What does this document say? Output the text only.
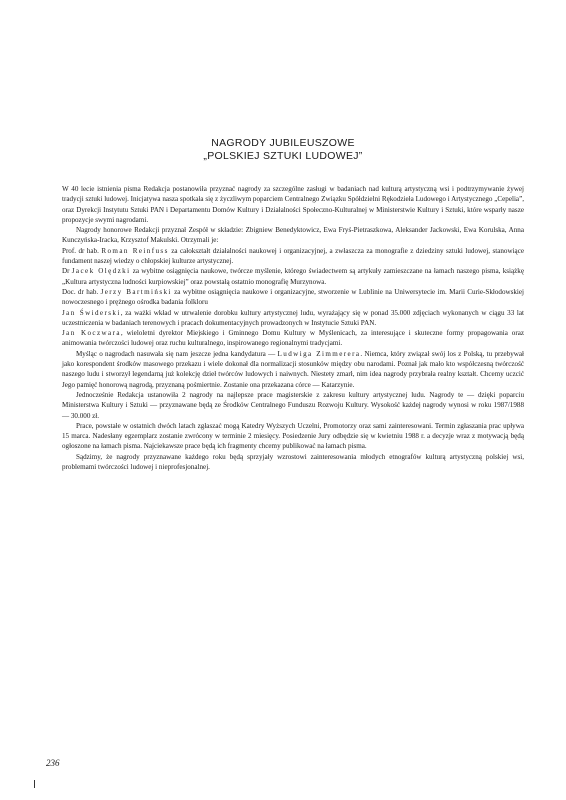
NAGRODY JUBILEUSZOWE
„POLSKIEJ SZTUKI LUDOWEJ”

W 40 lecie istnienia pisma Redakcja postanowiła przyznać nagrody za szczególne zasługi w badaniach nad kulturą artystyczną wsi i podtrzymywanie żywej tradycji sztuki ludowej. Inicjatywa nasza spotkała się z życzliwym poparciem Centralnego Związku Spółdzielni Rękodzieła Ludowego i Artystycznego „Cepelia”, oraz Dyrekcji Instytutu Sztuki PAN i Departamentu Domów Kultury i Działalności Społeczno-Kulturalnej w Ministerstwie Kultury i Sztuki, które wsparły nasze propozycje swymi nagrodami.

Nagrody honorowe Redakcji przyznał Zespół w składzie: Zbigniew Benedyktowicz, Ewa Fryś-Pietraszkowa, Aleksander Jackowski, Ewa Korulska, Anna Kunczyńska-Iracka, Krzysztof Makulski. Otrzymali je:

Prof. dr hab. Roman Reinfuss za całokształt działalności naukowej i organizacyjnej, a zwłaszcza za monografie z dziedziny sztuki ludowej, stanowiące fundament naszej wiedzy o chłopskiej kulturze artystycznej.

Dr Jacek Olędzki za wybitne osiągnięcia naukowe, twórcze myślenie, którego świadectwem są artykuły zamieszczane na łamach naszego pisma, książkę „Kultura artystyczna ludności kurpiowskiej” oraz powstałą ostatnio monografię Murzynowa.

Doc. dr hab. Jerzy Bartmiński za wybitne osiągnięcia naukowe i organizacyjne, stworzenie w Lublinie na Uniwersytecie im. Marii Curie-Skłodowskiej nowoczesnego i prężnego ośrodka badania folkloru

Jan Świderski, za ważki wkład w utrwalenie dorobku kultury artystycznej ludu, wyrażający się w ponad 35.000 zdjęciach wykonanych w ciągu 33 lat uczestniczenia w badaniach terenowych i pracach dokumentacyjnych prowadzonych w Instytucie Sztuki PAN.

Jan Koczwara, wieloletni dyrektor Miejskiego i Gminnego Domu Kultury w Myślenicach, za interesujące i skuteczne formy propagowania oraz animowania twórczości ludowej oraz ruchu kulturalnego, inspirowanego regionalnymi tradycjami.

Myśląc o nagrodach nasuwała się nam jeszcze jedna kandydatura — Ludwiga Zimmerera. Niemca, który związał swój los z Polską, tu przebywał jako korespondent środków masowego przekazu i wiele dokonał dla normalizacji stosunków między obu narodami. Poznał jak mało kto współczesną twórczość naszego ludu i stworzył legendarną już kolekcję dzieł twórców ludowych i naiwnych. Niestety zmarł, nim idea nagrody przybrała realny kształt. Chcemy uczcić Jego pamięć honorową nagrodą, przyznaną pośmiertnie. Zostanie ona przekazana córce — Katarzynie.

Jednocześnie Redakcja ustanowiła 2 nagrody na najlepsze prace magisterskie z zakresu kultury artystycznej ludu. Nagrody te — dzięki poparciu Ministerstwa Kultury i Sztuki — przyznawane będą ze Środków Centralnego Funduszu Rozwoju Kultury. Wysokość każdej nagrody wynosi w roku 1987/1988 — 30.000 zł.

Prace, powstałe w ostatnich dwóch latach zgłaszać mogą Katedry Wyższych Uczelni, Promotorzy oraz sami zainteresowani. Termin zgłaszania prac upływa 15 marca. Nadesłany egzemplarz zostanie zwrócony w terminie 2 miesięcy. Posiedzenie Jury odbędzie się w kwietniu 1988 r. a decyzje wraz z motywacją będą ogłoszone na łamach pisma. Najciekawsze prace będą ich fragmenty chcemy publikować na łamach pisma.

Sądzimy, że nagrody przyznawane każdego roku będą sprzyjały wzrostowi zainteresowania młodych etnografów kulturą artystyczną polskiej wsi, problemami twórczości ludowej i nieprofesjonalnej.

236
